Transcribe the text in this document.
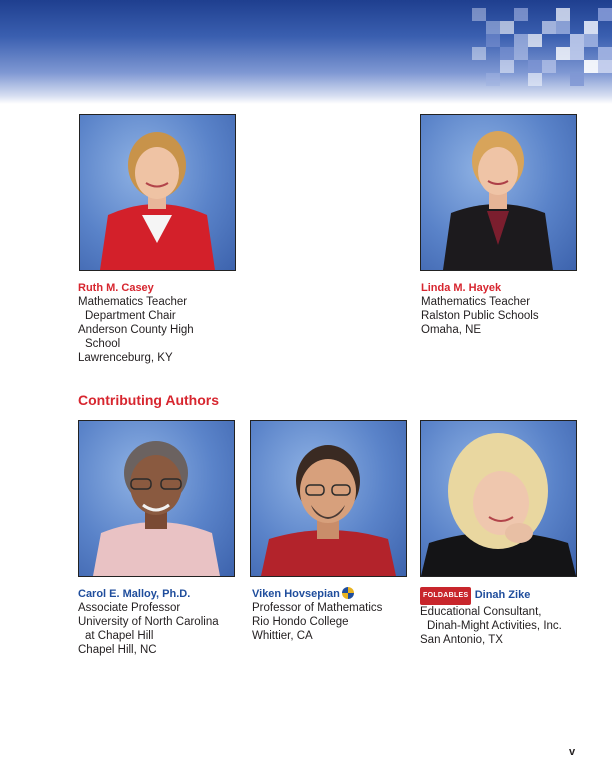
Ruth M. Casey
Mathematics Teacher
Department Chair
Anderson County High
School
Lawrenceburg, KY
Linda M. Hayek
Mathematics Teacher
Ralston Public Schools
Omaha, NE
Contributing Authors
Carol E. Malloy, Ph.D.
Associate Professor
University of North Carolina
at Chapel Hill
Chapel Hill, NC
Viken Hovsepian
Professor of Mathematics
Rio Hondo College
Whittier, CA
FOLDABLES Dinah Zike
Educational Consultant,
Dinah-Might Activities, Inc.
San Antonio, TX
v
